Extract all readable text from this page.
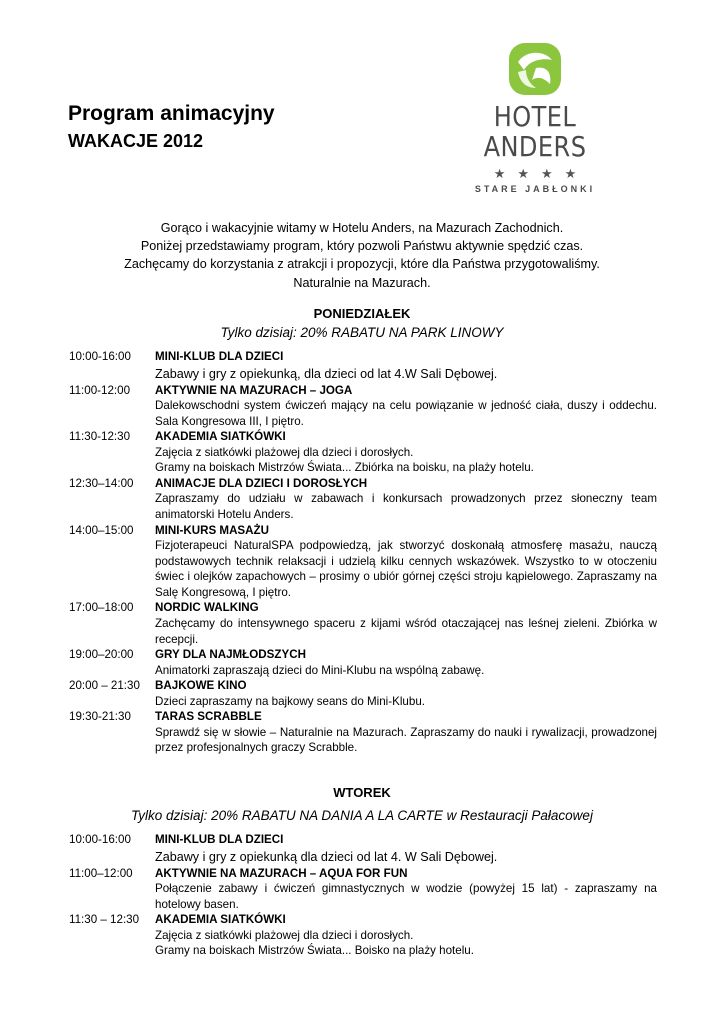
Program animacyjny
WAKACJE 2012
HOTEL ANDERS
★★★★
STARE JABŁONKI
Gorąco i wakacyjnie witamy w Hotelu Anders, na Mazurach Zachodnich.
Poniżej przedstawiamy program, który pozwoli Państwu aktywnie spędzić czas.
Zachęcamy do korzystania z atrakcji i propozycji, które dla Państwa przygotowaliśmy.
Naturalnie na Mazurach.
PONIEDZIAŁEK
Tylko dzisiaj: 20% RABATU NA PARK LINOWY
10:00-16:00	MINI-KLUB DLA DZIECI
Zabawy i gry z opiekunką, dla dzieci od lat 4.W Sali Dębowej.
11:00-12:00	AKTYWNIE NA MAZURACH – JOGA
Dalekowschodni system ćwiczeń mający na celu powiązanie w jedność ciała, duszy i oddechu. Sala Kongresowa III, I piętro.
11:30-12:30	AKADEMIA SIATKÓWKI
Zajęcia z siatkówki plażowej dla dzieci i dorosłych.
Gramy na boiskach Mistrzów Świata... Zbiórka na boisku, na plaży hotelu.
12:30–14:00	ANIMACJE DLA DZIECI I DOROSŁYCH
Zapraszamy do udziału w zabawach i konkursach prowadzonych przez słoneczny team animatorski Hotelu Anders.
14:00–15:00	MINI-KURS MASAŻU
Fizjoterapeuci NaturalSPA podpowiedzą, jak stworzyć doskonałą atmosferę masażu, nauczą podstawowych technik relaksacji i udzielą kilku cennych wskazówek. Wszystko to w otoczeniu świec i olejków zapachowych – prosimy o ubiór górnej części stroju kąpielowego. Zapraszamy na Salę Kongresową, I piętro.
17:00–18:00	NORDIC WALKING
Zachęcamy do intensywnego spaceru z kijami wśród otaczającej nas leśnej zieleni. Zbiórka w recepcji.
19:00–20:00	GRY DLA NAJMŁODSZYCH
Animatorki zapraszają dzieci do Mini-Klubu na wspólną zabawę.
20:00 – 21:30	BAJKOWE KINO
Dzieci zapraszamy na bajkowy seans do Mini-Klubu.
19:30-21:30	TARAS SCRABBLE
Sprawdź się w słowie – Naturalnie na Mazurach. Zapraszamy do nauki i rywalizacji, prowadzonej przez profesjonalnych graczy Scrabble.
WTOREK
Tylko dzisiaj: 20% RABATU NA DANIA A LA CARTE w Restauracji Pałacowej
10:00-16:00	MINI-KLUB DLA DZIECI
Zabawy i gry z opiekunką dla dzieci od lat 4. W Sali Dębowej.
11:00–12:00	AKTYWNIE NA MAZURACH – AQUA FOR FUN
Połączenie zabawy i ćwiczeń gimnastycznych w wodzie (powyżej 15 lat) - zapraszamy na hotelowy basen.
11:30 – 12:30	AKADEMIA SIATKÓWKI
Zajęcia z siatkówki plażowej dla dzieci i dorosłych.
Gramy na boiskach Mistrzów Świata... Boisko na plaży hotelu.
